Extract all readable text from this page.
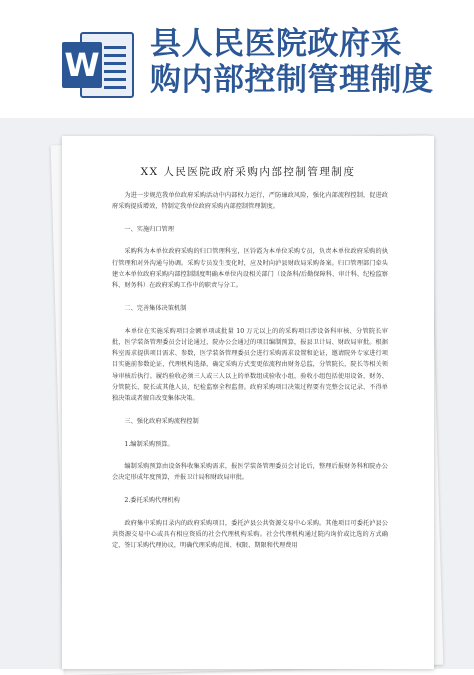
W
县人民医院政府采
购内部控制管理制度
XX 人民医院政府采购内部控制管理制度

为进一步规范我单位政府采购活动中内部权力运行，严防廉政风险，强化内部流程控制，促进政府采购提质增效，特制定我单位政府采购内部控制管理制度。

一、实施归口管理

采购科为本单位政府采购的归口管理科室，区钤霞为本单位采购专员，负责本单位政府采购的执行管理和对外沟通与协调。采购专员发生变化时，应及时向泸县财政局采购备案。归口管理部门牵头建立本单位政府采购内部控制制度明确本单位内设相关部门（设备科/后勤保障科、审计科、纪检监察科、财务科）在政府采购工作中的职责与分工。

二、完善集体决策机制

本单位在实施采购项目金额单项或批量 10 万元以上的的采购项目涉设备科审核、分管院长审批，医学装备管理委员会讨论通过，院办公会通过的项目编制预算，报县卫计局、财政局审批。根据科室需求提供项目需求、参数，医学装备管理委员会进行采购需求设置和论证，邀请院外专家进行项目实施前参数论证，代理机构选择，确定采购方式变更依流程由财务总监，分管院长，院长等相关领导审核后执行。履约验收必须三人或三人以上的单数组成验收小组，验收小组包括使用设备、财务、分管院长、院长或其他人员，纪检监察全程监督。政府采购项目决策过程要有完整会议记录、不得单独决策或者擅自改变集体决策。

三、强化政府采购流程控制

1.编制采购预算。

编制采购预算由设备科收集采购需求，报医学装备管理委员会讨论后，整理后报财务科和院办公会决定形成年度预算，并报卫计局和财政局审批。

2.委托采购代理机构

政府集中采购目录内的政府采购项目，委托泸县公共资源交易中心采购。其他项目可委托泸县公共资源交易中心或具有相应资质的社会代理机构采购。社会代理机构通过院内询价或比选的方式确定，签订采购代理协议，明确代理采购范围、权限、期限和代理费用
